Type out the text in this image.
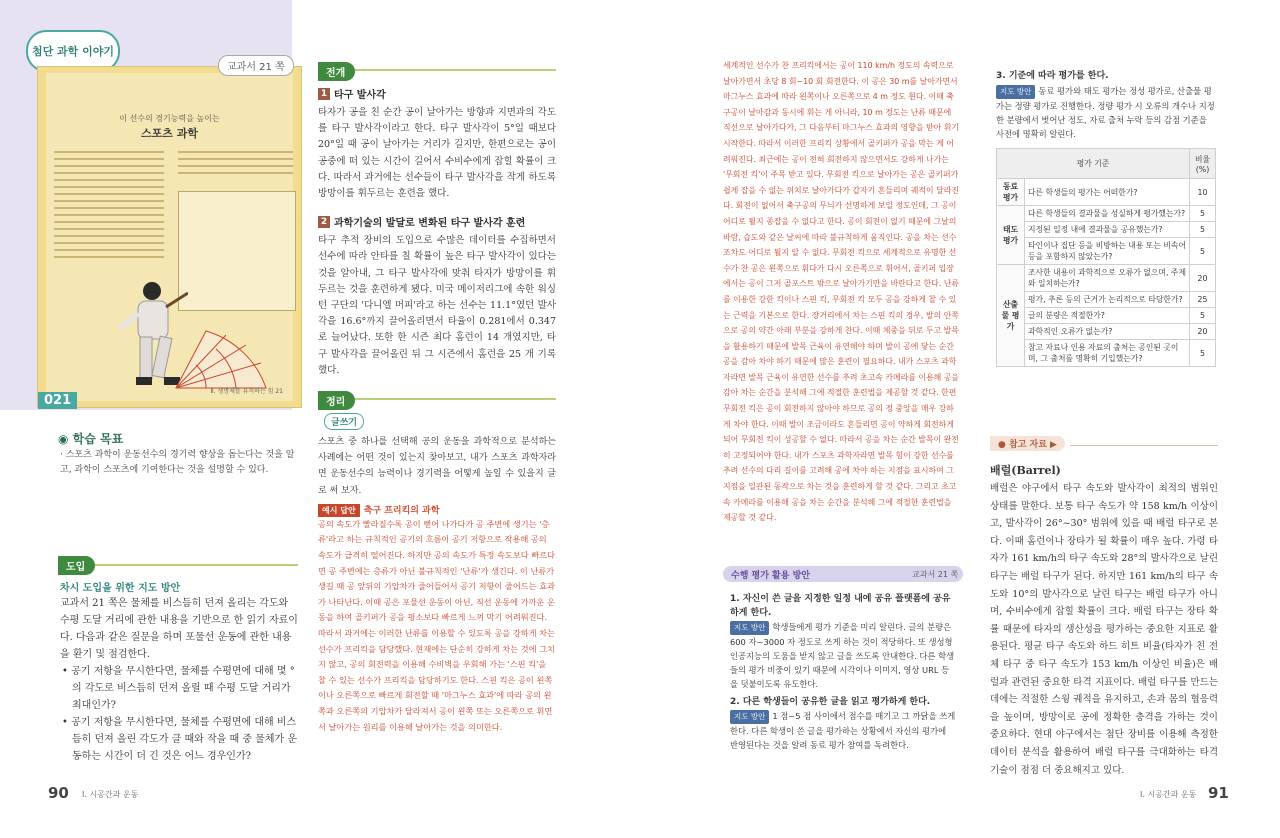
첨단 과학 이야기
이 선수의 경기능력을 높이는
스포츠 과학
Ⅱ. 생명체를 유지하는 힘 21
교과서 21 쪽
021
◉ 학습 목표
· 스포츠 과학이 운동선수의 경기력 향상을 돕는다는 것을 알고, 과학이 스포츠에 기여한다는 것을 설명할 수 있다.
도입
차시 도입을 위한 지도 방안

교과서 21 쪽은 물체를 비스듬히 던져 올리는 각도와 수평 도달 거리에 관한 내용을 기반으로 한 읽기 자료이다. 다음과 같은 질문을 하며 포물선 운동에 관한 내용을 환기 및 점검한다.

• 공기 저항을 무시한다면, 물체를 수평면에 대해 몇 °의 각도로 비스듬히 던져 올릴 때 수평 도달 거리가 최대인가?

• 공기 저항을 무시한다면, 물체를 수평면에 대해 비스듬히 던져 올린 각도가 클 때와 작을 때 중 물체가 운동하는 시간이 더 긴 것은 어느 경우인가?

90 Ⅰ. 시공간과 운동
전개
1 타구 발사각

타자가 공을 친 순간 공이 날아가는 방향과 지면과의 각도를 타구 발사각이라고 한다. 타구 발사각이 5°일 때보다 20°일 때 공이 날아가는 거리가 길지만, 한편으로는 공이 공중에 떠 있는 시간이 길어서 수비수에게 잡힐 확률이 크다. 따라서 과거에는 선수들이 타구 발사각을 작게 하도록 방망이를 휘두르는 훈련을 했다.

2 과학기술의 발달로 변화된 타구 발사각 훈련

타구 추적 장비의 도입으로 수많은 데이터를 수집하면서 선수에 따라 안타를 칠 확률이 높은 타구 발사각이 있다는 것을 알아내, 그 타구 발사각에 맞춰 타자가 방망이를 휘두르는 것을 훈련하게 됐다. 미국 메이저리그에 속한 워싱턴 구단의 '다니엘 머피'라고 하는 선수는 11.1°였던 발사각을 16.6°까지 끌어올리면서 타율이 0.281에서 0.347로 늘어났다. 또한 한 시즌 최다 홈런이 14 개였지만, 타구 발사각을 끌어올린 뒤 그 시즌에서 홈런을 25 개 기록했다.

정리
글쓰기

스포츠 중 하나를 선택해 공의 운동을 과학적으로 분석하는 사례에는 어떤 것이 있는지 찾아보고, 내가 스포츠 과학자라면 운동선수의 능력이나 경기력을 어떻게 높일 수 있을지 글로 써 보자.

예시 답안 축구 프리킥의 과학

공의 속도가 빨라질수록 공이 뻗어 나가다가 공 주변에 생기는 '층류'라고 하는 규칙적인 공기의 흐름이 공기 저항으로 작용해 공의 속도가 급격히 떨어진다. 하지만 공의 속도가 특정 속도보다 빠르다면 공 주변에는 층류가 아닌 불규칙적인 '난류'가 생긴다. 이 난류가 생길 때 공 앞뒤의 기압차가 줄어들어서 공기 저항이 줄어드는 효과가 나타난다. 이때 공은 포물선 운동이 아닌, 직선 운동에 가까운 운동을 하여 골키퍼가 공을 평소보다 빠르게 느껴 막기 어려워진다. 따라서 과거에는 이러한 난류를 이용할 수 있도록 공을 강하게 차는 선수가 프리킥을 담당했다. 현재에는 단순히 강하게 차는 것에 그치지 않고, 공의 회전력을 이용해 수비벽을 우회해 가는 '스핀 킥'을 찰 수 있는 선수가 프리킥을 담당하기도 한다. 스핀 킥은 공이 왼쪽이나 오른쪽으로 빠르게 회전할 때 '마그누스 효과'에 따라 공의 왼쪽과 오른쪽의 기압차가 달라져서 공이 왼쪽 또는 오른쪽으로 휘면서 날아가는 원리를 이용해 날아가는 것을 의미한다.

세계적인 선수가 찬 프리킥에서는 공이 110 km/h 정도의 속력으로 날아가면서 초당 8 회~10 회 회전한다. 이 공은 30 m를 날아가면서 마그누스 효과에 따라 왼쪽이나 오른쪽으로 4 m 정도 휜다. 이때 축구공이 날아감과 동시에 휘는 게 아니라, 10 m 정도는 난류 때문에 직선으로 날아가다가, 그 다음부터 마그누스 효과의 영향을 받아 휘기 시작한다. 따라서 이러한 프리킥 상황에서 골키퍼가 공을 막는 게 어려워진다. 최근에는 공이 전혀 회전하지 않으면서도 강하게 나가는 '무회전 킥'이 주목 받고 있다. 무회전 킥으로 날아가는 공은 골키퍼가 쉽게 잡을 수 없는 위치로 날아가다가 갑자기 흔들리며 궤적이 달라진다. 회전이 없어서 축구공의 무늬가 선명하게 보일 정도인데, 그 공이 어디로 튈지 종잡을 수 없다고 한다. 공이 회전이 없기 때문에 그날의 바람, 습도와 같은 날씨에 따라 불규칙하게 움직인다. 공을 차는 선수조차도 어디로 튈지 알 수 없다. 무회전 킥으로 세계적으로 유명한 선수가 찬 공은 왼쪽으로 휘다가 다시 오른쪽으로 휘어서, 골키퍼 입장에서는 공이 그저 골포스트 밖으로 날아가기만을 바란다고 한다. 난류를 이용한 강한 킥이나 스핀 킥, 무회전 킥 모두 공을 강하게 찰 수 있는 근력을 기본으로 한다. 장거리에서 차는 스핀 킥의 경우, 발의 안쪽으로 공의 약간 아래 부분을 강하게 찬다. 이때 체중을 뒤로 두고 발목을 활용하기 때문에 발목 근육이 유연해야 하며 발이 공에 닿는 순간 공을 감아 차야 하기 때문에 많은 훈련이 필요하다. 내가 스포츠 과학자라면 발목 근육이 유연한 선수를 추려 초고속 카메라를 이용해 공을 감아 차는 순간을 분석해 그에 적절한 훈련법을 제공할 것 같다. 한편 무회전 킥은 공이 회전하지 않아야 하므로 공의 정 중앙을 매우 강하게 차야 한다. 이때 발이 조금이라도 흔들리면 공이 약하게 회전하게 되어 무회전 킥이 성공할 수 없다. 따라서 공을 차는 순간 발목이 완전히 고정되어야 한다. 내가 스포츠 과학자라면 발목 힘이 강한 선수를 추려 선수의 다리 길이를 고려해 공에 차야 하는 지점을 표시하여 그 지점을 일관된 동작으로 차는 것을 훈련하게 할 것 같다. 그리고 초고속 카메라를 이용해 공을 차는 순간을 분석해 그에 적절한 훈련법을 제공할 것 같다.

수행 평가 활용 방안	교과서 21 쪽
1. 자신이 쓴 글을 지정한 일정 내에 공유 플랫폼에 공유하게 한다.

지도 방안 학생들에게 평가 기준을 미리 알린다. 글의 분량은 600 자~3000 자 정도로 쓰게 하는 것이 적당하다. 또 생성형 인공지능의 도움을 받지 않고 글을 쓰도록 안내한다. 다른 학생들의 평가 비중이 있기 때문에 시각이나 이미지, 영상 URL 등을 덧붙이도록 유도한다.

2. 다른 학생들이 공유한 글을 읽고 평가하게 한다.

지도 방안 1 점~5 점 사이에서 점수를 매기고 그 까닭을 쓰게 한다. 다른 학생이 쓴 글을 평가하는 상황에서 자신의 평가에 반영된다는 것을 알려 동료 평가 참여를 독려한다.

3. 기준에 따라 평가를 한다.

지도 방안 동료 평가와 태도 평가는 정성 평가로, 산출물 평가는 정량 평가로 진행한다. 정량 평가 시 오류의 개수나 지정한 분량에서 벗어난 정도, 자료 출처 누락 등의 감점 기준을 사전에 명확히 알린다.

평가 기준		비율 (%)
동료 평가	다른 학생들의 평가는 어떠한가?	10
태도 평가	다른 학생들의 결과물을 성실하게 평가했는가?	5
	지정된 일정 내에 결과물을 공유했는가?	5
	타인이나 집단 등을 비방하는 내용 또는 비속어 등을 포함하지 않았는가?	5
산출물 평가	조사한 내용이 과학적으로 오류가 없으며, 주제와 일치하는가?	20
	평가, 추론 등의 근거가 논리적으로 타당한가?	25
	글의 분량은 적절한가?	5
	과학적인 오류가 없는가?	20
	참고 자료나 인용 자료의 출처는 공인된 곳이며, 그 출처를 명확히 기입했는가?	5
● 참고 자료 ▶
배럴(Barrel)

배럴은 야구에서 타구 속도와 발사각이 최적의 범위인 상태를 말한다. 보통 타구 속도가 약 158 km/h 이상이고, 발사각이 26°~30° 범위에 있을 때 배럴 타구로 본다. 이때 홈런이나 장타가 될 확률이 매우 높다. 가령 타자가 161 km/h의 타구 속도와 28°의 발사각으로 날린 타구는 배럴 타구가 된다. 하지만 161 km/h의 타구 속도와 10°의 발사각으로 날린 타구는 배럴 타구가 아니며, 수비수에게 잡힐 확률이 크다. 배럴 타구는 장타 확률 때문에 타자의 생산성을 평가하는 중요한 지표로 활용된다. 평균 타구 속도와 하드 히트 비율(타자가 친 전체 타구 중 타구 속도가 153 km/h 이상인 비율)은 배럴과 관련된 중요한 타격 지표이다. 배럴 타구를 만드는 데에는 적절한 스윙 궤적을 유지하고, 손과 몸의 협응력을 높이며, 방망이로 공에 정확한 충격을 가하는 것이 중요하다. 현대 야구에서는 첨단 장비를 이용해 측정한 데이터 분석을 활용하여 배럴 타구를 극대화하는 타격 기술이 점점 더 중요해지고 있다.

Ⅰ. 시공간과 운동 91
